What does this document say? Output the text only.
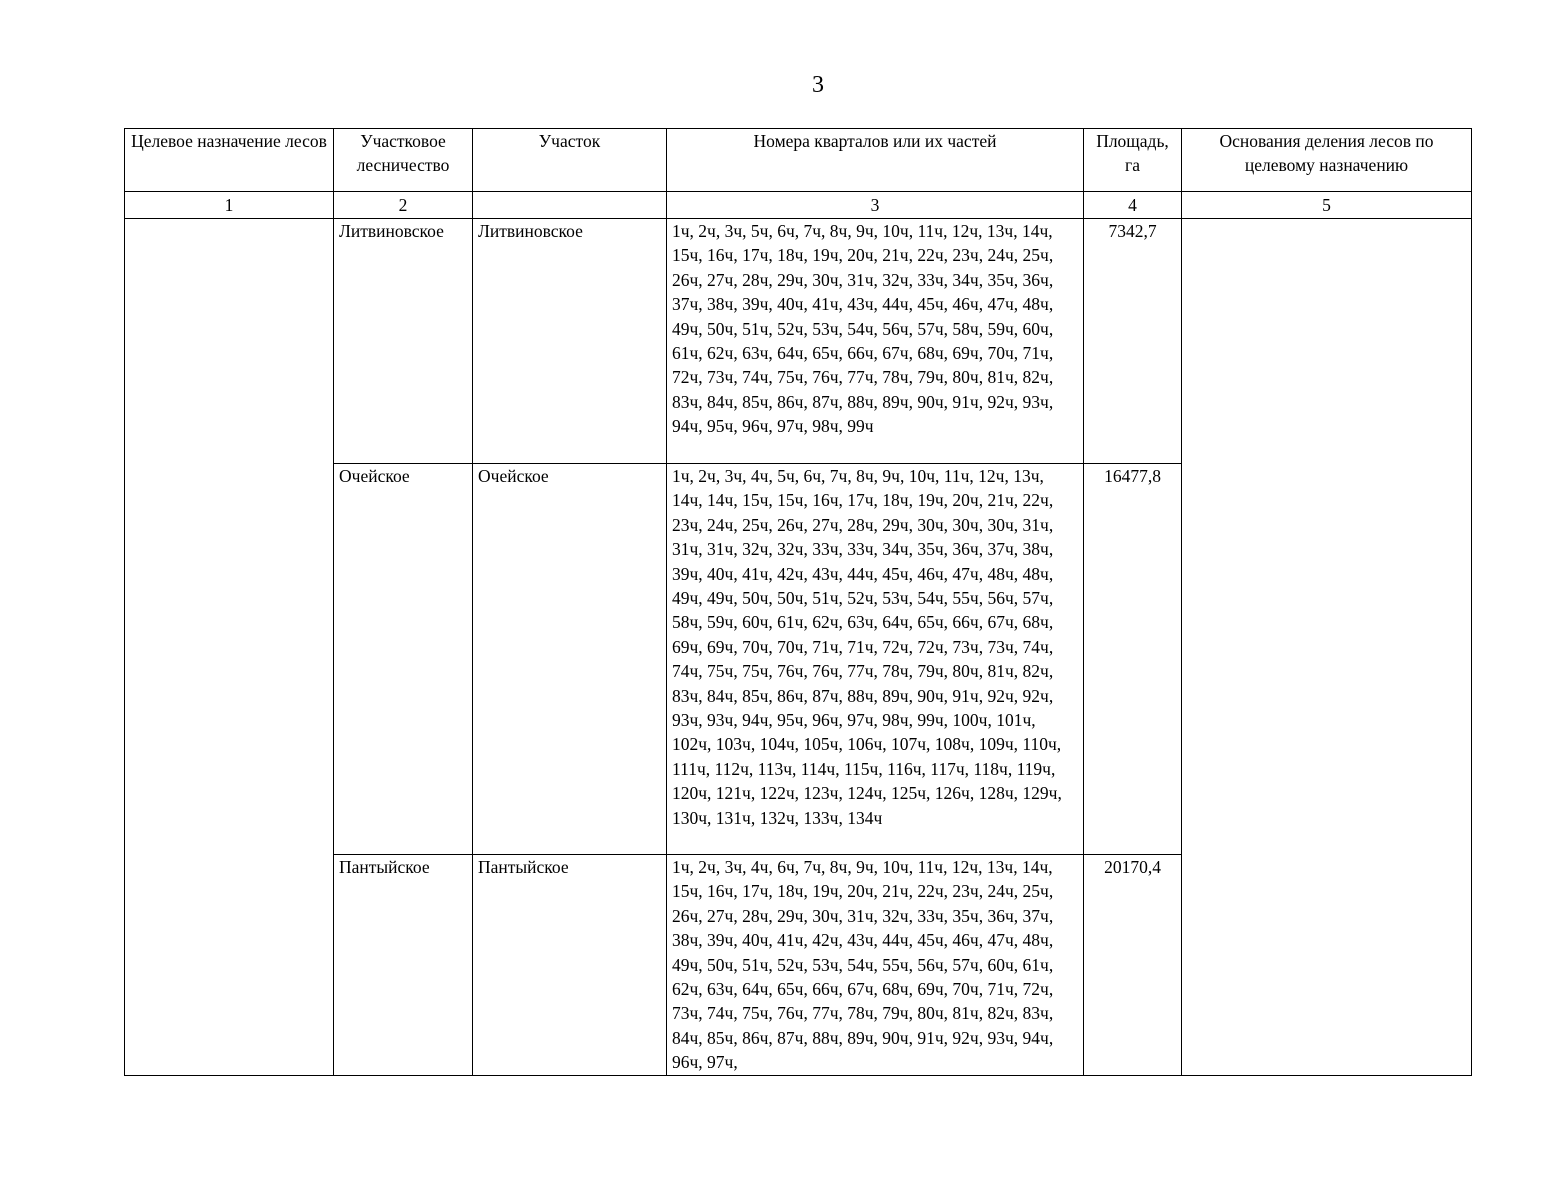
3
Целевое назначение лесов	Участковое лесничество	Участок	Номера кварталов или их частей	Площадь, га	Основания деления лесов по целевому назначению
1	2		3	4	5
	Литвиновское	Литвиновское	1ч, 2ч, 3ч, 5ч, 6ч, 7ч, 8ч, 9ч, 10ч, 11ч, 12ч, 13ч, 14ч, 15ч, 16ч, 17ч, 18ч, 19ч, 20ч, 21ч, 22ч, 23ч, 24ч, 25ч, 26ч, 27ч, 28ч, 29ч, 30ч, 31ч, 32ч, 33ч, 34ч, 35ч, 36ч, 37ч, 38ч, 39ч, 40ч, 41ч, 43ч, 44ч, 45ч, 46ч, 47ч, 48ч, 49ч, 50ч, 51ч, 52ч, 53ч, 54ч, 56ч, 57ч, 58ч, 59ч, 60ч, 61ч, 62ч, 63ч, 64ч, 65ч, 66ч, 67ч, 68ч, 69ч, 70ч, 71ч, 72ч, 73ч, 74ч, 75ч, 76ч, 77ч, 78ч, 79ч, 80ч, 81ч, 82ч, 83ч, 84ч, 85ч, 86ч, 87ч, 88ч, 89ч, 90ч, 91ч, 92ч, 93ч, 94ч, 95ч, 96ч, 97ч, 98ч, 99ч	7342,7	
	Очейское	Очейское	1ч, 2ч, 3ч, 4ч, 5ч, 6ч, 7ч, 8ч, 9ч, 10ч, 11ч, 12ч, 13ч, 14ч, 14ч, 15ч, 15ч, 16ч, 17ч, 18ч, 19ч, 20ч, 21ч, 22ч, 23ч, 24ч, 25ч, 26ч, 27ч, 28ч, 29ч, 30ч, 30ч, 30ч, 31ч, 31ч, 31ч, 32ч, 32ч, 33ч, 33ч, 34ч, 35ч, 36ч, 37ч, 38ч, 39ч, 40ч, 41ч, 42ч, 43ч, 44ч, 45ч, 46ч, 47ч, 48ч, 48ч, 49ч, 49ч, 50ч, 50ч, 51ч, 52ч, 53ч, 54ч, 55ч, 56ч, 57ч, 58ч, 59ч, 60ч, 61ч, 62ч, 63ч, 64ч, 65ч, 66ч, 67ч, 68ч, 69ч, 69ч, 70ч, 70ч, 71ч, 71ч, 72ч, 72ч, 73ч, 73ч, 74ч, 74ч, 75ч, 75ч, 76ч, 76ч, 77ч, 78ч, 79ч, 80ч, 81ч, 82ч, 83ч, 84ч, 85ч, 86ч, 87ч, 88ч, 89ч, 90ч, 91ч, 92ч, 92ч, 93ч, 93ч, 94ч, 95ч, 96ч, 97ч, 98ч, 99ч, 100ч, 101ч, 102ч, 103ч, 104ч, 105ч, 106ч, 107ч, 108ч, 109ч, 110ч, 111ч, 112ч, 113ч, 114ч, 115ч, 116ч, 117ч, 118ч, 119ч, 120ч, 121ч, 122ч, 123ч, 124ч, 125ч, 126ч, 128ч, 129ч, 130ч, 131ч, 132ч, 133ч, 134ч	16477,8	
	Пантыйское	Пантыйское	1ч, 2ч, 3ч, 4ч, 6ч, 7ч, 8ч, 9ч, 10ч, 11ч, 12ч, 13ч, 14ч, 15ч, 16ч, 17ч, 18ч, 19ч, 20ч, 21ч, 22ч, 23ч, 24ч, 25ч, 26ч, 27ч, 28ч, 29ч, 30ч, 31ч, 32ч, 33ч, 35ч, 36ч, 37ч, 38ч, 39ч, 40ч, 41ч, 42ч, 43ч, 44ч, 45ч, 46ч, 47ч, 48ч, 49ч, 50ч, 51ч, 52ч, 53ч, 54ч, 55ч, 56ч, 57ч, 60ч, 61ч, 62ч, 63ч, 64ч, 65ч, 66ч, 67ч, 68ч, 69ч, 70ч, 71ч, 72ч, 73ч, 74ч, 75ч, 76ч, 77ч, 78ч, 79ч, 80ч, 81ч, 82ч, 83ч, 84ч, 85ч, 86ч, 87ч, 88ч, 89ч, 90ч, 91ч, 92ч, 93ч, 94ч, 96ч, 97ч,	20170,4	
